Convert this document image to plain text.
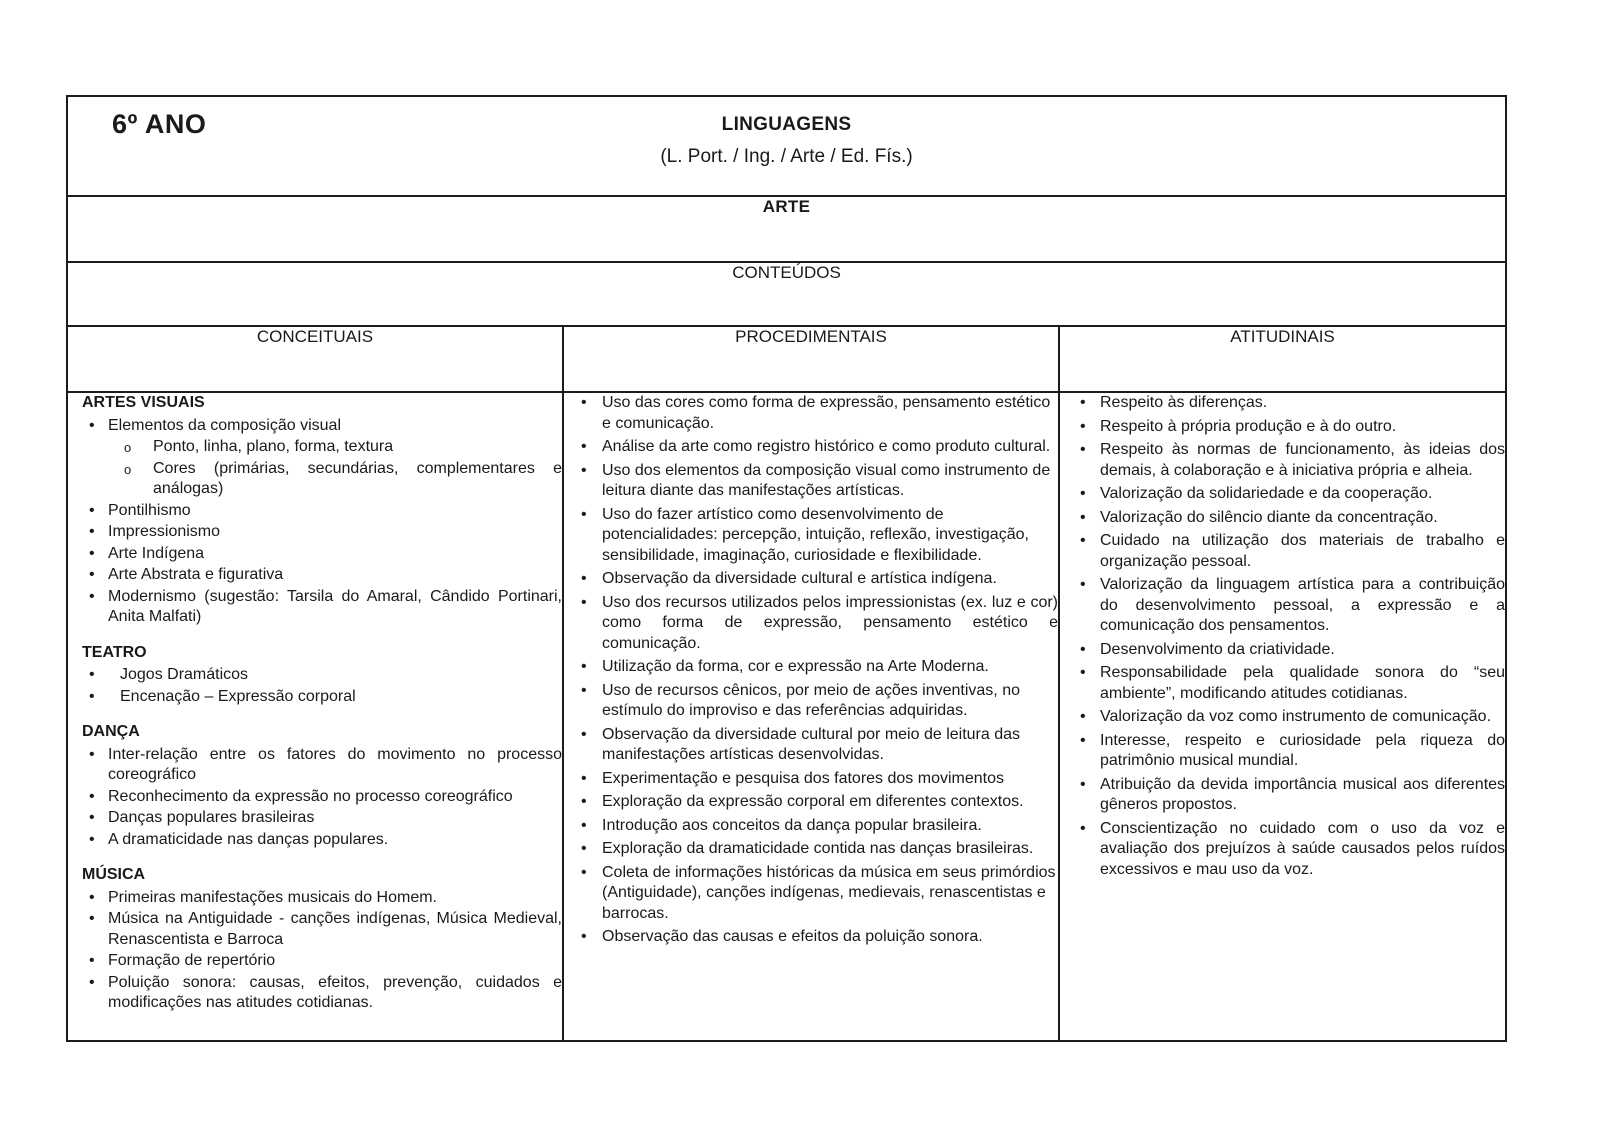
6º ANO LINGUAGENS
(L. Port. / Ing. / Arte / Ed. Fís.)		

ARTE		
CONTEÚDOS		
CONCEITUAIS	PROCEDIMENTAIS	ATITUDINAIS

ARTES VISUAIS
• Elementos da composição visual
o Ponto, linha, plano, forma, textura
o Cores (primárias, secundárias, complementares e análogas)
• Pontilhismo
• Impressionismo
• Arte Indígena
• Arte Abstrata e figurativa
• Modernismo (sugestão: Tarsila do Amaral, Cândido Portinari, Anita Malfati)
TEATRO
• Jogos Dramáticos
• Encenação – Expressão corporal
DANÇA
• Inter-relação entre os fatores do movimento no processo coreográfico
• Reconhecimento da expressão no processo coreográfico
• Danças populares brasileiras
• A dramaticidade nas danças populares.
MÚSICA
• Primeiras manifestações musicais do Homem.
• Música na Antiguidade - canções indígenas, Música Medieval, Renascentista e Barroca
• Formação de repertório
• Poluição sonora: causas, efeitos, prevenção, cuidados e modificações nas atitudes cotidianas.

• Uso das cores como forma de expressão, pensamento estético e comunicação.
• Análise da arte como registro histórico e como produto cultural.
• Uso dos elementos da composição visual como instrumento de leitura diante das manifestações artísticas.
• Uso do fazer artístico como desenvolvimento de potencialidades: percepção, intuição, reflexão, investigação, sensibilidade, imaginação, curiosidade e flexibilidade.
• Observação da diversidade cultural e artística indígena.
• Uso dos recursos utilizados pelos impressionistas (ex. luz e cor) como forma de expressão, pensamento estético e comunicação.
• Utilização da forma, cor e expressão na Arte Moderna.
• Uso de recursos cênicos, por meio de ações inventivas, no estímulo do improviso e das referências adquiridas.
• Observação da diversidade cultural por meio de leitura das manifestações artísticas desenvolvidas.
• Experimentação e pesquisa dos fatores dos movimentos
• Exploração da expressão corporal em diferentes contextos.
• Introdução aos conceitos da dança popular brasileira.
• Exploração da dramaticidade contida nas danças brasileiras.
• Coleta de informações históricas da música em seus primórdios (Antiguidade), canções indígenas, medievais, renascentistas e barrocas.
• Observação das causas e efeitos da poluição sonora.

• Respeito às diferenças.
• Respeito à própria produção e à do outro.
• Respeito às normas de funcionamento, às ideias dos demais, à colaboração e à iniciativa própria e alheia.
• Valorização da solidariedade e da cooperação.
• Valorização do silêncio diante da concentração.
• Cuidado na utilização dos materiais de trabalho e organização pessoal.
• Valorização da linguagem artística para a contribuição do desenvolvimento pessoal, a expressão e a comunicação dos pensamentos.
• Desenvolvimento da criatividade.
• Responsabilidade pela qualidade sonora do “seu ambiente”, modificando atitudes cotidianas.
• Valorização da voz como instrumento de comunicação.
• Interesse, respeito e curiosidade pela riqueza do patrimônio musical mundial.
• Atribuição da devida importância musical aos diferentes gêneros propostos.
• Conscientização no cuidado com o uso da voz e avaliação dos prejuízos à saúde causados pelos ruídos excessivos e mau uso da voz.
